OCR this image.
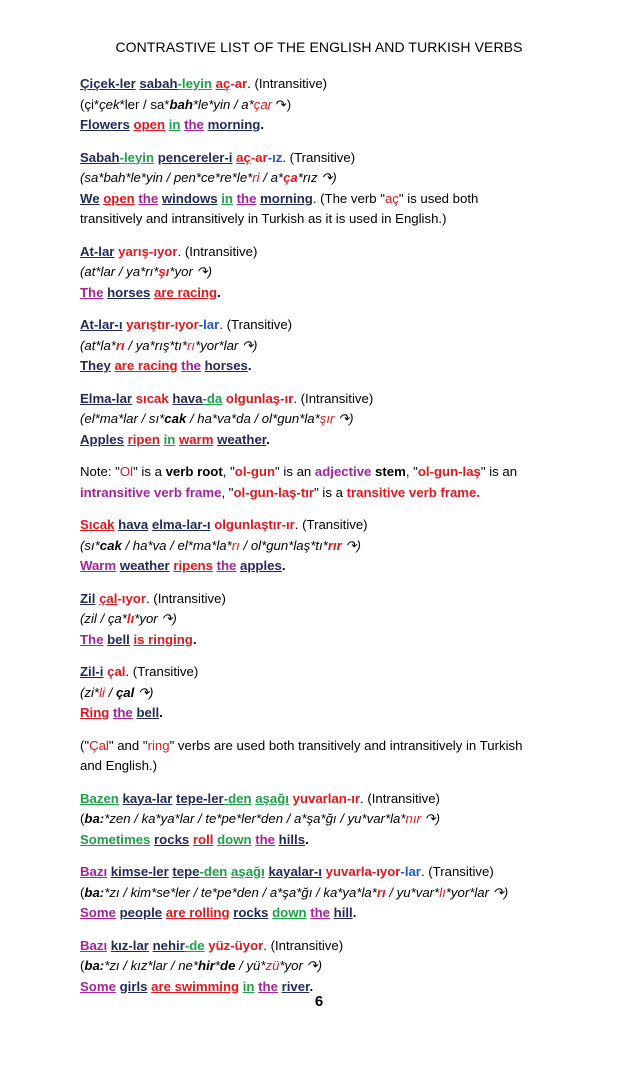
CONTRASTIVE LIST OF THE ENGLISH AND TURKISH VERBS
Çiçek-ler sabah-leyin aç-ar. (Intransitive)
(çi*çek*ler / sa*bah*le*yin / a*çar ↷)
Flowers open in the morning.
Sabah-leyin pencereler-i aç-ar-ız. (Transitive)
(sa*bah*le*yin / pen*ce*re*le*ri / a*ça*rız ↷)
We open the windows in the morning. (The verb "aç" is used both
transitively and intransitively in Turkish as it is used in English.)
At-lar yarış-ıyor. (Intransitive)
(at*lar / ya*rı*şı*yor ↷)
The horses are racing.
At-lar-ı yarıştır-ıyor-lar. (Transitive)
(at*la*rı / ya*rış*tı*rı*yor*lar ↷)
They are racing the horses.
Elma-lar sıcak hava-da olgunlaş-ır. (Intransitive)
(el*ma*lar / sı*cak / ha*va*da / ol*gun*la*şır ↷)
Apples ripen in warm weather.
Note: "Ol" is a verb root, "ol-gun" is an adjective stem, "ol-gun-laş" is an
intransitive verb frame, "ol-gun-laş-tır" is a transitive verb frame.
Sıcak hava elma-lar-ı olgunlaştır-ır. (Transitive)
(sı*cak / ha*va / el*ma*la*rı / ol*gun*laş*tı*rır ↷)
Warm weather ripens the apples.
Zil çal-ıyor. (Intransitive)
(zil / ça*lı*yor ↷)
The bell is ringing.
Zil-i çal. (Transitive)
(zi*li / çal ↷)
Ring the bell.
("Çal" and "ring" verbs are used both transitively and intransitively in Turkish
and English.)
Bazen kaya-lar tepe-ler-den aşağı yuvarlan-ır. (Intransitive)
(ba:*zen / ka*ya*lar / te*pe*ler*den / a*şa*ğı / yu*var*la*nır ↷)
Sometimes rocks roll down the hills.
Bazı kimse-ler tepe-den aşağı kayalar-ı yuvarla-ıyor-lar. (Transitive)
(ba:*zı / kim*se*ler / te*pe*den / a*şa*ğı / ka*ya*la*rı / yu*var*lı*yor*lar ↷)
Some people are rolling rocks down the hill.
Bazı kız-lar nehir-de yüz-üyor. (Intransitive)
(ba:*zı / kız*lar / ne*hir*de / yü*zü*yor ↷)
Some girls are swimming in the river.
6
